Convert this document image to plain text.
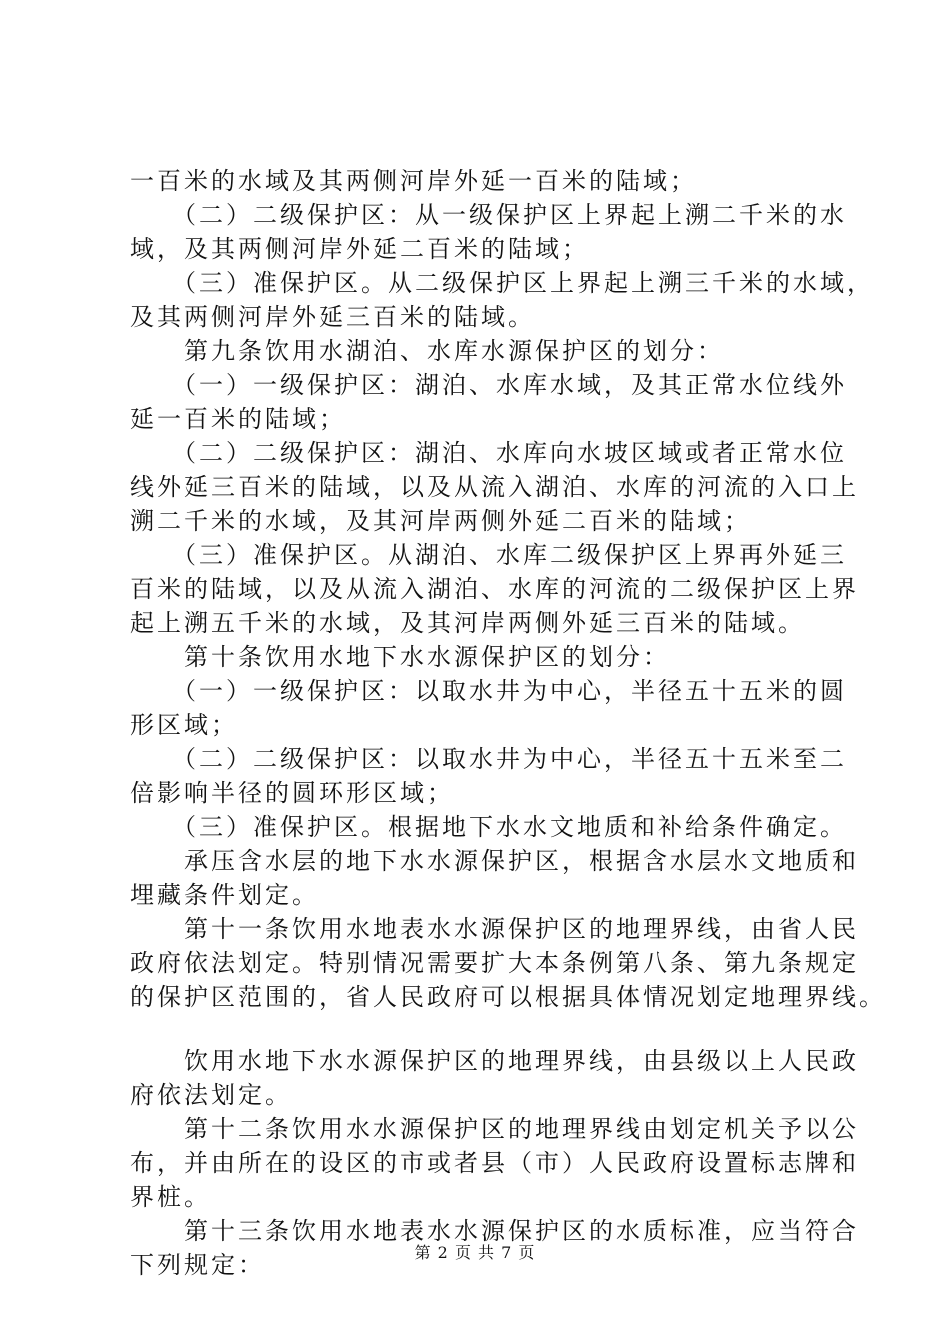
一百米的水域及其两侧河岸外延一百米的陆域；
　　（二）二级保护区：从一级保护区上界起上溯二千米的水
域，及其两侧河岸外延二百米的陆域；
　　（三）准保护区。从二级保护区上界起上溯三千米的水域，
及其两侧河岸外延三百米的陆域。
　　第九条饮用水湖泊、水库水源保护区的划分：
　　（一）一级保护区：湖泊、水库水域，及其正常水位线外
延一百米的陆域；
　　（二）二级保护区：湖泊、水库向水坡区域或者正常水位
线外延三百米的陆域，以及从流入湖泊、水库的河流的入口上
溯二千米的水域，及其河岸两侧外延二百米的陆域；
　　（三）准保护区。从湖泊、水库二级保护区上界再外延三
百米的陆域，以及从流入湖泊、水库的河流的二级保护区上界
起上溯五千米的水域，及其河岸两侧外延三百米的陆域。
　　第十条饮用水地下水水源保护区的划分：
　　（一）一级保护区：以取水井为中心，半径五十五米的圆
形区域；
　　（二）二级保护区：以取水井为中心，半径五十五米至二
倍影响半径的圆环形区域；
　　（三）准保护区。根据地下水水文地质和补给条件确定。
　　承压含水层的地下水水源保护区，根据含水层水文地质和
埋藏条件划定。
　　第十一条饮用水地表水水源保护区的地理界线，由省人民
政府依法划定。特别情况需要扩大本条例第八条、第九条规定
的保护区范围的，省人民政府可以根据具体情况划定地理界线。
　　饮用水地下水水源保护区的地理界线，由县级以上人民政
府依法划定。
　　第十二条饮用水水源保护区的地理界线由划定机关予以公
布，并由所在的设区的市或者县（市）人民政府设置标志牌和
界桩。
　　第十三条饮用水地表水水源保护区的水质标准，应当符合
下列规定：	第 2 页 共 7 页
